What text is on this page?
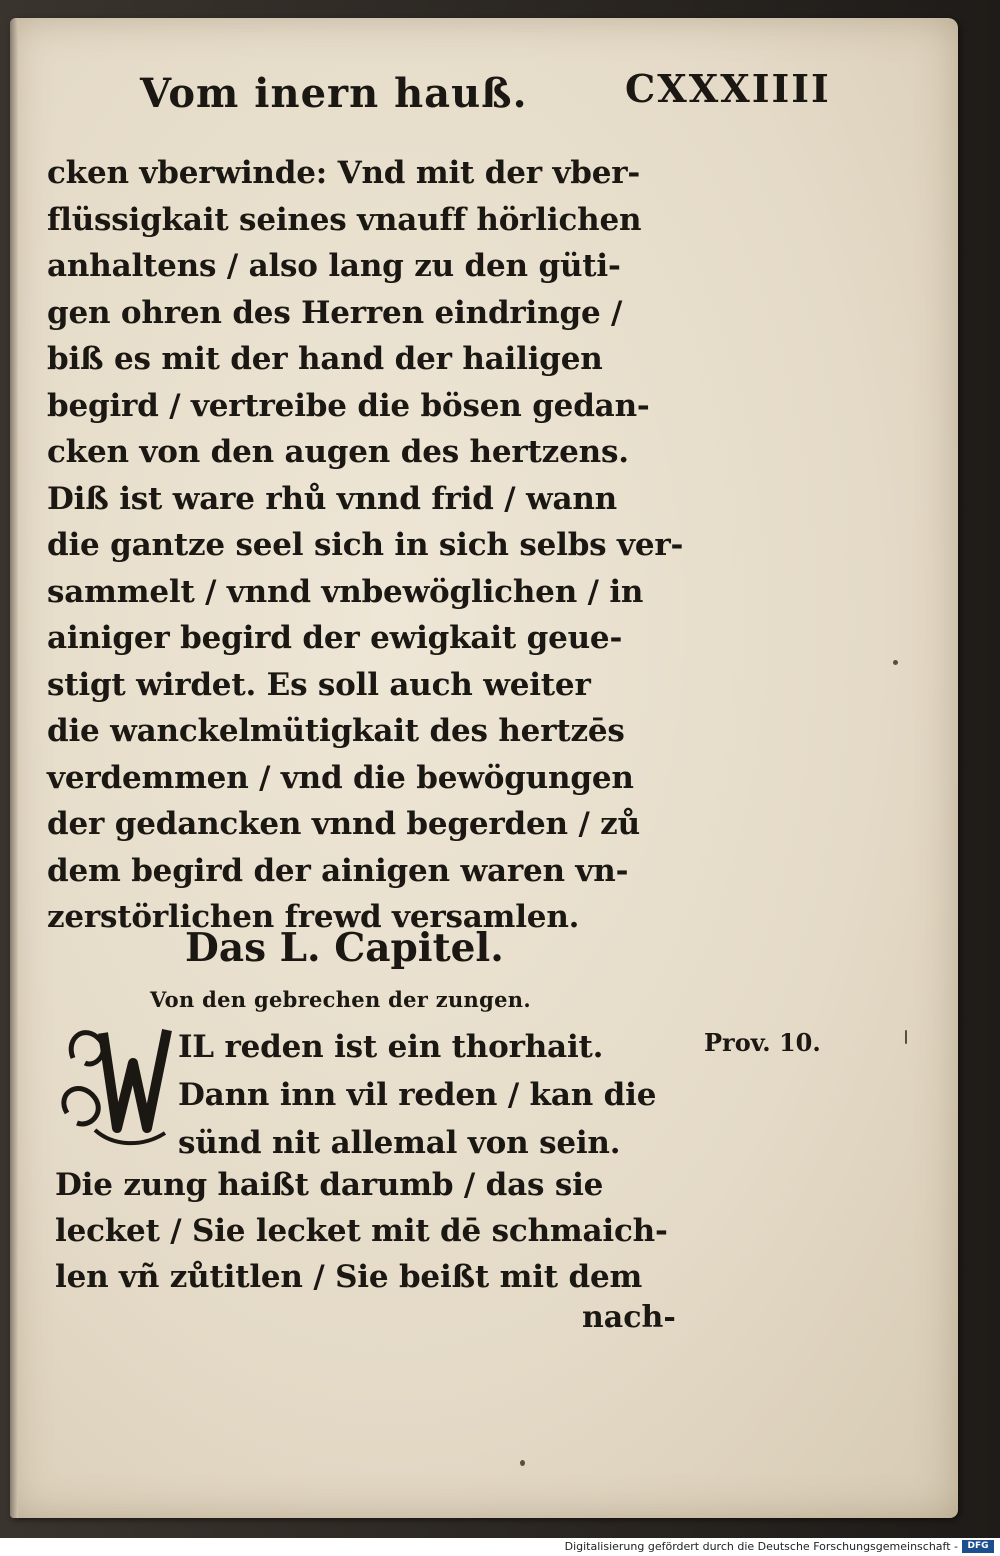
Vom inern hauß.	CXXXIIII
cken vberwinde: Vnd mit der vber-
flüssigkait seines vnauff hörlichen
anhaltens / also lang zu den güti-
gen ohren des Herren eindringe /
biß es mit der hand der hailigen
begird / vertreibe die bösen gedan-
cken von den augen des hertzens.
Diß ist ware rhů vnnd frid / wann
die gantze seel sich in sich selbs ver-
sammelt / vnnd vnbewöglichen / in
ainiger begird der ewigkait geue-
stigt wirdet. Es soll auch weiter
die wanckelmütigkait des hertzēs
verdemmen / vnd die bewögungen
der gedancken vnnd begerden / zů
dem begird der ainigen waren vn-
zerstörlichen frewd versamlen.
Das L. Capitel.
Von den gebrechen der zungen.
W
IL reden ist ein thorhait.
Dann inn vil reden / kan die
sünd nit allemal von sein.
Prov. 10.
Die zung haißt darumb / das sie
lecket / Sie lecket mit dē schmaich-
len vñ zůtitlen / Sie beißt mit dem
nach-
Digitalisierung gefördert durch die Deutsche Forschungsgemeinschaft -	DFG
